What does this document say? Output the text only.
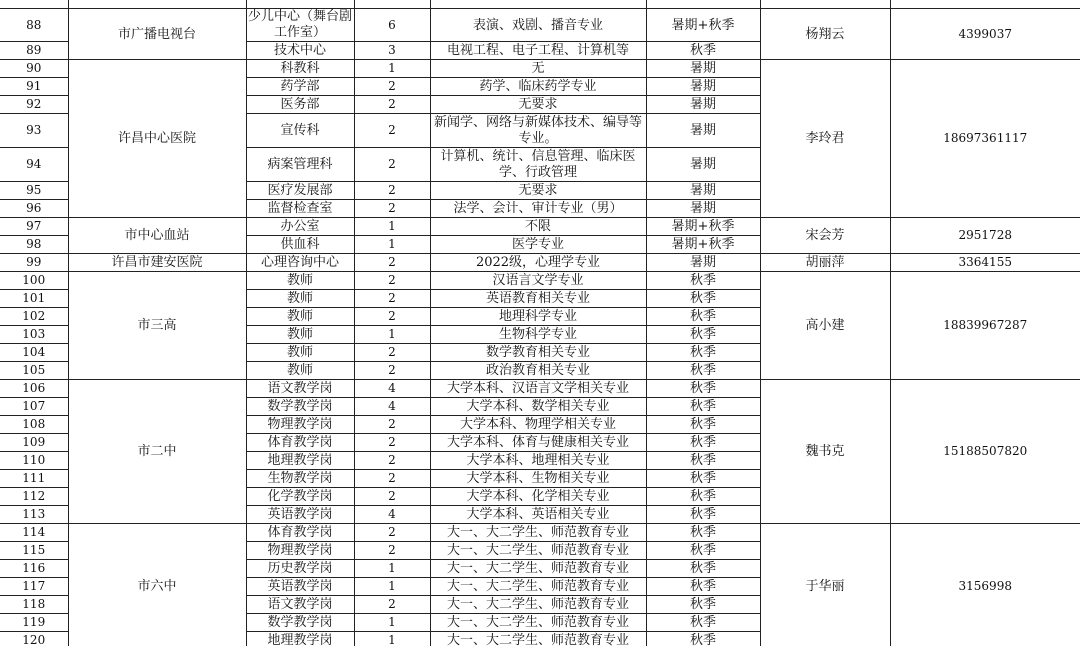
88	市广播电视台	少儿中心（舞台剧工作室）	6	表演、戏剧、播音专业	暑期+秋季	杨翔云	4399037
89		技术中心	3	电视工程、电子工程、计算机等	秋季		
90	许昌中心医院	科教科	1	无	暑期	李玲君	18697361117
91		药学部	2	药学、临床药学专业	暑期		
92		医务部	2	无要求	暑期		
93		宣传科	2	新闻学、网络与新媒体技术、编导等专业。	暑期		
94		病案管理科	2	计算机、统计、信息管理、临床医学、行政管理	暑期		
95		医疗发展部	2	无要求	暑期		
96		监督检查室	2	法学、会计、审计专业（男）	暑期		
97	市中心血站	办公室	1	不限	暑期+秋季	宋会芳	2951728
98		供血科	1	医学专业	暑期+秋季		
99	许昌市建安医院	心理咨询中心	2	2022级，心理学专业	暑期	胡丽萍	3364155
100	市三高	教师	2	汉语言文学专业	秋季	高小建	18839967287
101		教师	2	英语教育相关专业	秋季		
102		教师	2	地理科学专业	秋季		
103		教师	1	生物科学专业	秋季		
104		教师	2	数学教育相关专业	秋季		
105		教师	2	政治教育相关专业	秋季		
106	市二中	语文教学岗	4	大学本科、汉语言文学相关专业	秋季	魏书克	15188507820
107		数学教学岗	4	大学本科、数学相关专业	秋季		
108		物理教学岗	2	大学本科、物理学相关专业	秋季		
109		体育教学岗	2	大学本科、体育与健康相关专业	秋季		
110		地理教学岗	2	大学本科、地理相关专业	秋季		
111		生物教学岗	2	大学本科、生物相关专业	秋季		
112		化学教学岗	2	大学本科、化学相关专业	秋季		
113		英语教学岗	4	大学本科、英语相关专业	秋季		
114	市六中	体育教学岗	2	大一、大二学生、师范教育专业	秋季	于华丽	3156998
115		物理教学岗	2	大一、大二学生、师范教育专业	秋季		
116		历史教学岗	1	大一、大二学生、师范教育专业	秋季		
117		英语教学岗	1	大一、大二学生、师范教育专业	秋季		
118		语文教学岗	2	大一、大二学生、师范教育专业	秋季		
119		数学教学岗	1	大一、大二学生、师范教育专业	秋季		
120		地理教学岗	1	大一、大二学生、师范教育专业	秋季		
